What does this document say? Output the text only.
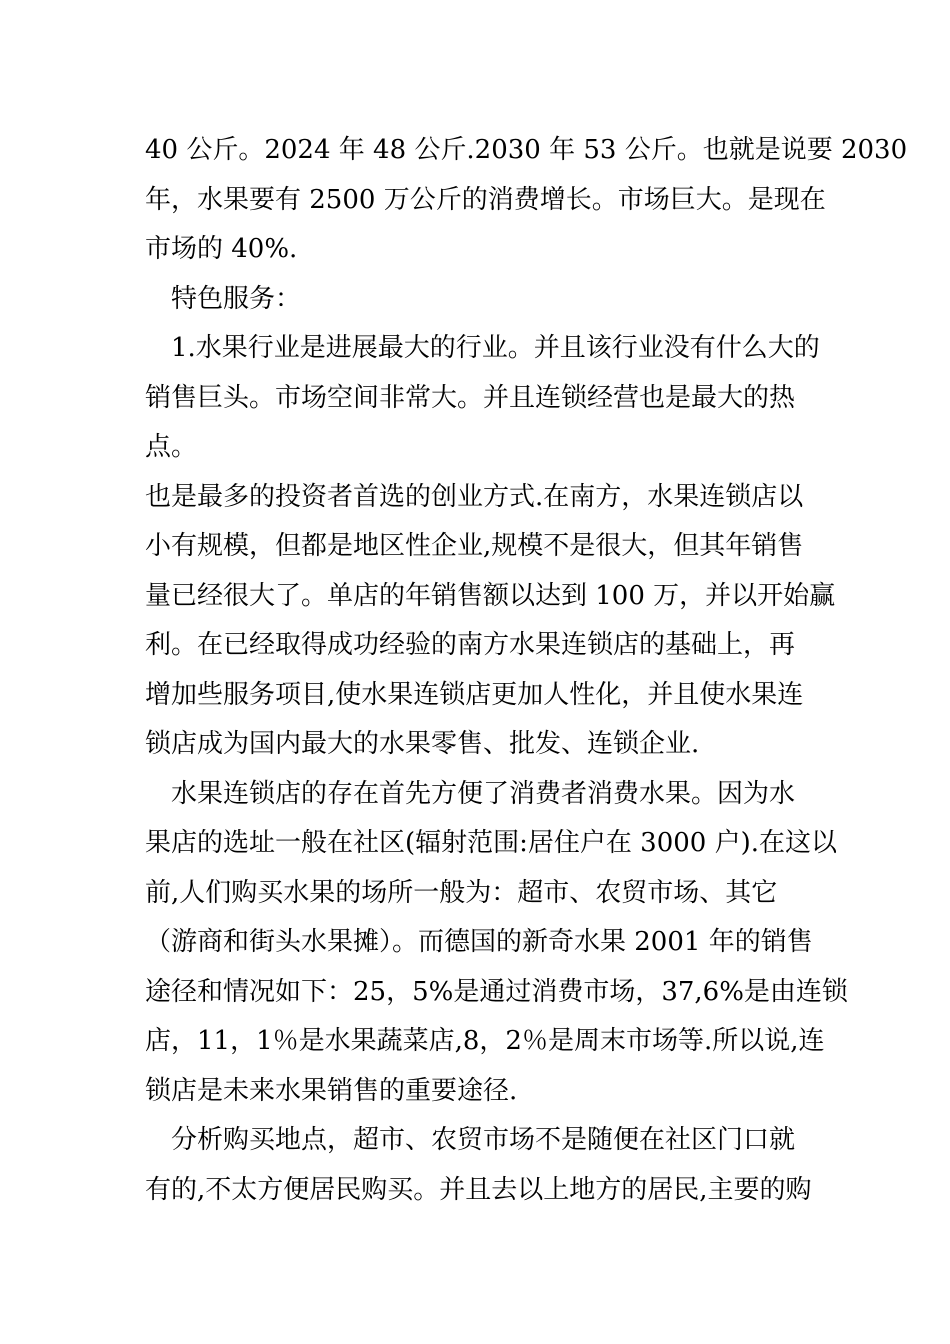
40 公斤。2024 年 48 公斤.2030 年 53 公斤。也就是说要 2030
年，水果要有 2500 万公斤的消费增长。市场巨大。是现在
市场的 40%.
特色服务：
1.水果行业是进展最大的行业。并且该行业没有什么大的
销售巨头。市场空间非常大。并且连锁经营也是最大的热
点。
也是最多的投资者首选的创业方式.在南方，水果连锁店以
小有规模，但都是地区性企业,规模不是很大，但其年销售
量已经很大了。单店的年销售额以达到 100 万，并以开始赢
利。在已经取得成功经验的南方水果连锁店的基础上，再
增加些服务项目,使水果连锁店更加人性化，并且使水果连
锁店成为国内最大的水果零售、批发、连锁企业.
水果连锁店的存在首先方便了消费者消费水果。因为水
果店的选址一般在社区(辐射范围:居住户在 3000 户).在这以
前,人们购买水果的场所一般为：超市、农贸市场、其它
（游商和街头水果摊）。而德国的新奇水果 2001 年的销售
途径和情况如下：25，5%是通过消费市场，37,6%是由连锁
店，11，1％是水果蔬菜店,8，2％是周末市场等.所以说,连
锁店是未来水果销售的重要途径.
分析购买地点，超市、农贸市场不是随便在社区门口就
有的,不太方便居民购买。并且去以上地方的居民,主要的购
